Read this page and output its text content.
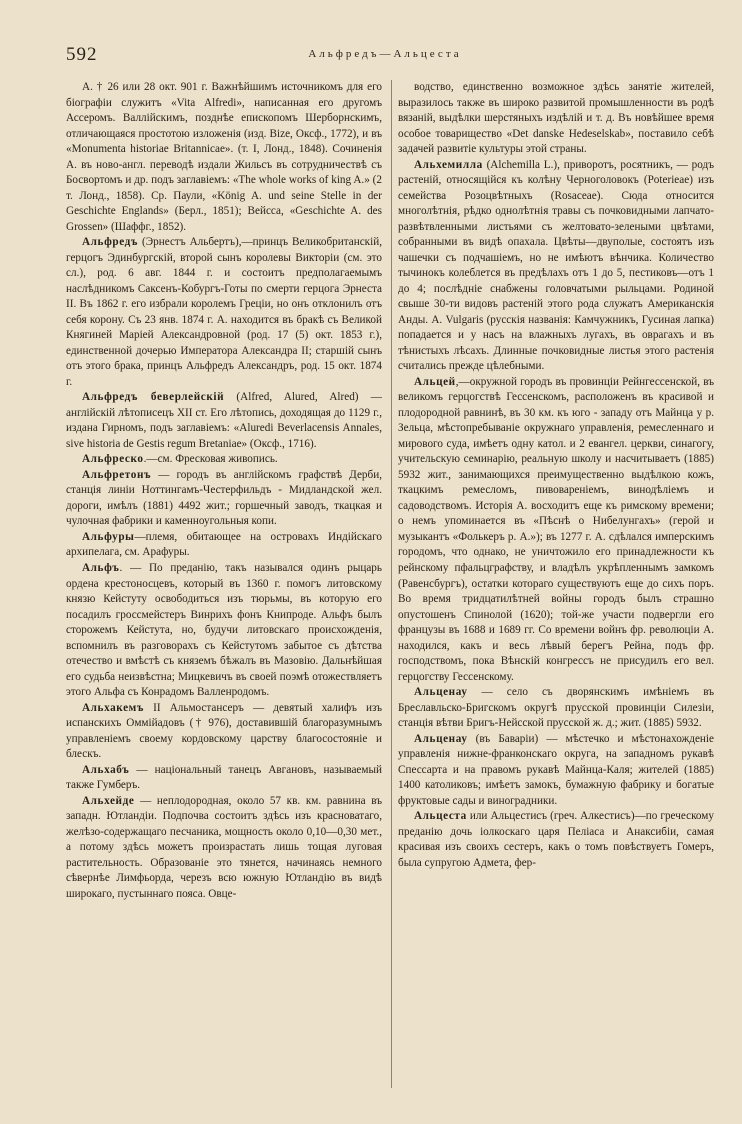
592	Альфредъ—Альцеста

А. † 26 или 28 окт. 901 г. Важнѣйшимъ источникомъ для его біографіи служитъ «Vita Alfredi», написанная его другомъ Ассеромъ. Валлійскимъ, позднѣе епископомъ Шерборнскимъ, отличающаяся простотою изложенія (изд. Вize, Оксф., 1772), и въ «Monumenta historiae Britannicae». (т. I, Лонд., 1848). Сочиненія А. въ ново-англ. переводѣ издали Жильсъ въ сотрудничествѣ съ Босвортомъ и др. подъ заглавіемъ: «The whole works of king A.» (2 т. Лонд., 1858). Ср. Паули, «König A. und seine Stelle in der Geschichte Englands» (Берл., 1851); Вейсса, «Geschichte A. des Grossen» (Шаффг., 1852).

Альфредъ (Эрнестъ Альбертъ),—принцъ Великобританскій, герцогъ Эдинбургскій, второй сынъ королевы Викторіи (см. это сл.), род. 6 авг. 1844 г. и состоитъ предполагаемымъ наслѣдникомъ Саксенъ-Кобургъ-Готы по смерти герцога Эрнеста II. Въ 1862 г. его избрали королемъ Греціи, но онъ отклонилъ отъ себя корону. Съ 23 янв. 1874 г. А. находится въ бракѣ съ Великой Княгиней Маріей Александровной (род. 17 (5) окт. 1853 г.), единственной дочерью Императора Александра II; старшій сынъ отъ этого брака, принцъ Альфредъ Александръ, род. 15 окт. 1874 г.

Альфредъ беверлейскій (Alfred, Alured, Alred) — англійскій лѣтописецъ XII ст. Его лѣтопись, доходящая до 1129 г., издана Гирномъ, подъ заглавіемъ: «Aluredi Beverlacensis Annales, sive historia de Gestis regum Bretaniae» (Оксф., 1716).

Альфреско.—см. Фресковая живопись.

Альфретонъ — городъ въ англійскомъ графствѣ Дерби, станція линіи Ноттингамъ-Честерфильдъ - Мидландской жел. дороги, имѣлъ (1881) 4492 жит.; горшечный заводъ, ткацкая и чулочная фабрики и каменноугольныя копи.

Альфуры—племя, обитающее на островахъ Индійскаго архипелага, см. Арафуры.

Альфъ. — По преданію, такъ назывался одинъ рыцарь ордена крестоносцевъ, который въ 1360 г. помогъ литовскому князю Кейстуту освободиться изъ тюрьмы, въ которую его посадилъ гроссмейстеръ Винрихъ фонъ Книпроде. Альфъ былъ сторожемъ Кейстута, но, будучи литовскаго происхожденія, вспомнилъ въ разговорахъ съ Кейстутомъ забытое съ дѣтства отечество и вмѣстѣ съ княземъ бѣжалъ въ Мазовію. Дальнѣйшая его судьба неизвѣстна; Мицкевичъ въ своей поэмѣ отожествляетъ этого Альфа съ Конрадомъ Валленродомъ.

Альхакемъ II Альмостансеръ — девятый халифъ изъ испанскихъ Оммійадовъ († 976), доставившій благоразумнымъ управленіемъ своему кордовскому царству благосостояніе и блескъ.

Альхабъ — національный танецъ Авгановъ, называемый также Гумберъ.

Альхейде — неплодородная, около 57 кв. км. равнина въ западн. Ютландіи. Подпочва состоитъ здѣсь изъ красноватаго, желѣзо-содержащаго песчаника, мощность около 0,10—0,30 мет., а потому здѣсь можетъ произрастать лишь тощая луговая растительность. Образованіе это тянется, начинаясь немного сѣвернѣе Лимфьорда, черезъ всю южную Ютландію въ видѣ широкаго, пустыннаго пояса. Овце-

водство, единственно возможное здѣсь занятіе жителей, выразилось также въ широко развитой промышленности въ родѣ вязаній, выдѣлки шерстяныхъ издѣлій и т. д. Въ новѣйшее время особое товарищество «Det danske Hedeselskab», поставило себѣ задачей развитіе культуры этой страны.

Альхемилла (Alchemilla L.), приворотъ, росятникъ, — родъ растеній, относящійся къ колѣну Черноголовокъ (Poterieae) изъ семейства Розоцвѣтныхъ (Rosaceae). Сюда относится многолѣтнія, рѣдко однолѣтнія травы съ почковидными лапчато-развѣтвленными листьями съ желтовато-зелеными цвѣтами, собранными въ видѣ опахала. Цвѣты—двуполые, состоятъ изъ чашечки съ подчашіемъ, но не имѣютъ вѣнчика. Количество тычинокъ колеблется въ предѣлахъ отъ 1 до 5, пестиковъ—отъ 1 до 4; послѣдніе снабжены головчатыми рыльцами. Родиной свыше 30-ти видовъ растеній этого рода служатъ Американскія Анды. А. Vulgaris (русскія названія: Камчужникъ, Гусиная лапка) попадается и у насъ на влажныхъ лугахъ, въ оврагахъ и въ тѣнистыхъ лѣсахъ. Длинные почковидные листья этого растенія считались прежде цѣлебными.

Альцей,—окружной городъ въ провинціи Рейнгессенской, въ великомъ герцогствѣ Гессенскомъ, расположенъ въ красивой и плодородной равнинѣ, въ 30 км. къ юго - западу отъ Майнца у р. Зельца, мѣстопребываніе окружнаго управленія, ремесленнаго и мирового суда, имѣетъ одну катол. и 2 евангел. церкви, синагогу, учительскую семинарію, реальную школу и насчитываетъ (1885) 5932 жит., занимающихся преимущественно выдѣлкою кожъ, ткацкимъ ремесломъ, пивовареніемъ, винодѣліемъ и садоводствомъ. Исторія А. восходитъ еще къ римскому времени; о немъ упоминается въ «Пѣснѣ о Нибелунгахъ» (герой и музыкантъ «Фолькеръ р. А.»); въ 1277 г. А. сдѣлался имперскимъ городомъ, что однако, не уничтожило его принадлежности къ рейнскому пфальцграфству, и владѣлъ укрѣпленнымъ замкомъ (Равенсбургъ), остатки котораго существуютъ еще до сихъ поръ. Во время тридцатилѣтней войны городъ былъ страшно опустошенъ Спинолой (1620); той-же участи подвергли его французы въ 1688 и 1689 гг. Со времени войнъ фр. революціи А. находился, какъ и весь лѣвый берегъ Рейна, подъ фр. господствомъ, пока Вѣнскій конгрессъ не присудилъ его вел. герцогству Гессенскому.

Альценау — село съ дворянскимъ имѣніемъ въ Бреславльско-Бригскомъ округѣ прусской провинціи Силезіи, станція вѣтви Бригъ-Нейсской прусской ж. д.; жит. (1885) 5932.

Альценау (въ Баваріи) — мѣстечко и мѣстонахожденіе управленія нижне-франконскаго округа, на западномъ рукавѣ Спессарта и на правомъ рукавѣ Майнца-Каля; жителей (1885) 1400 католиковъ; имѣетъ замокъ, бумажную фабрику и богатые фруктовые сады и виноградники.

Альцеста или Альцестисъ (греч. Алкестисъ)—по греческому преданію дочь іолкоскаго царя Пеліаса и Анаксибіи, самая красивая изъ своихъ сестеръ, какъ о томъ повѣствуетъ Гомеръ, была супругою Адмета, фер-
